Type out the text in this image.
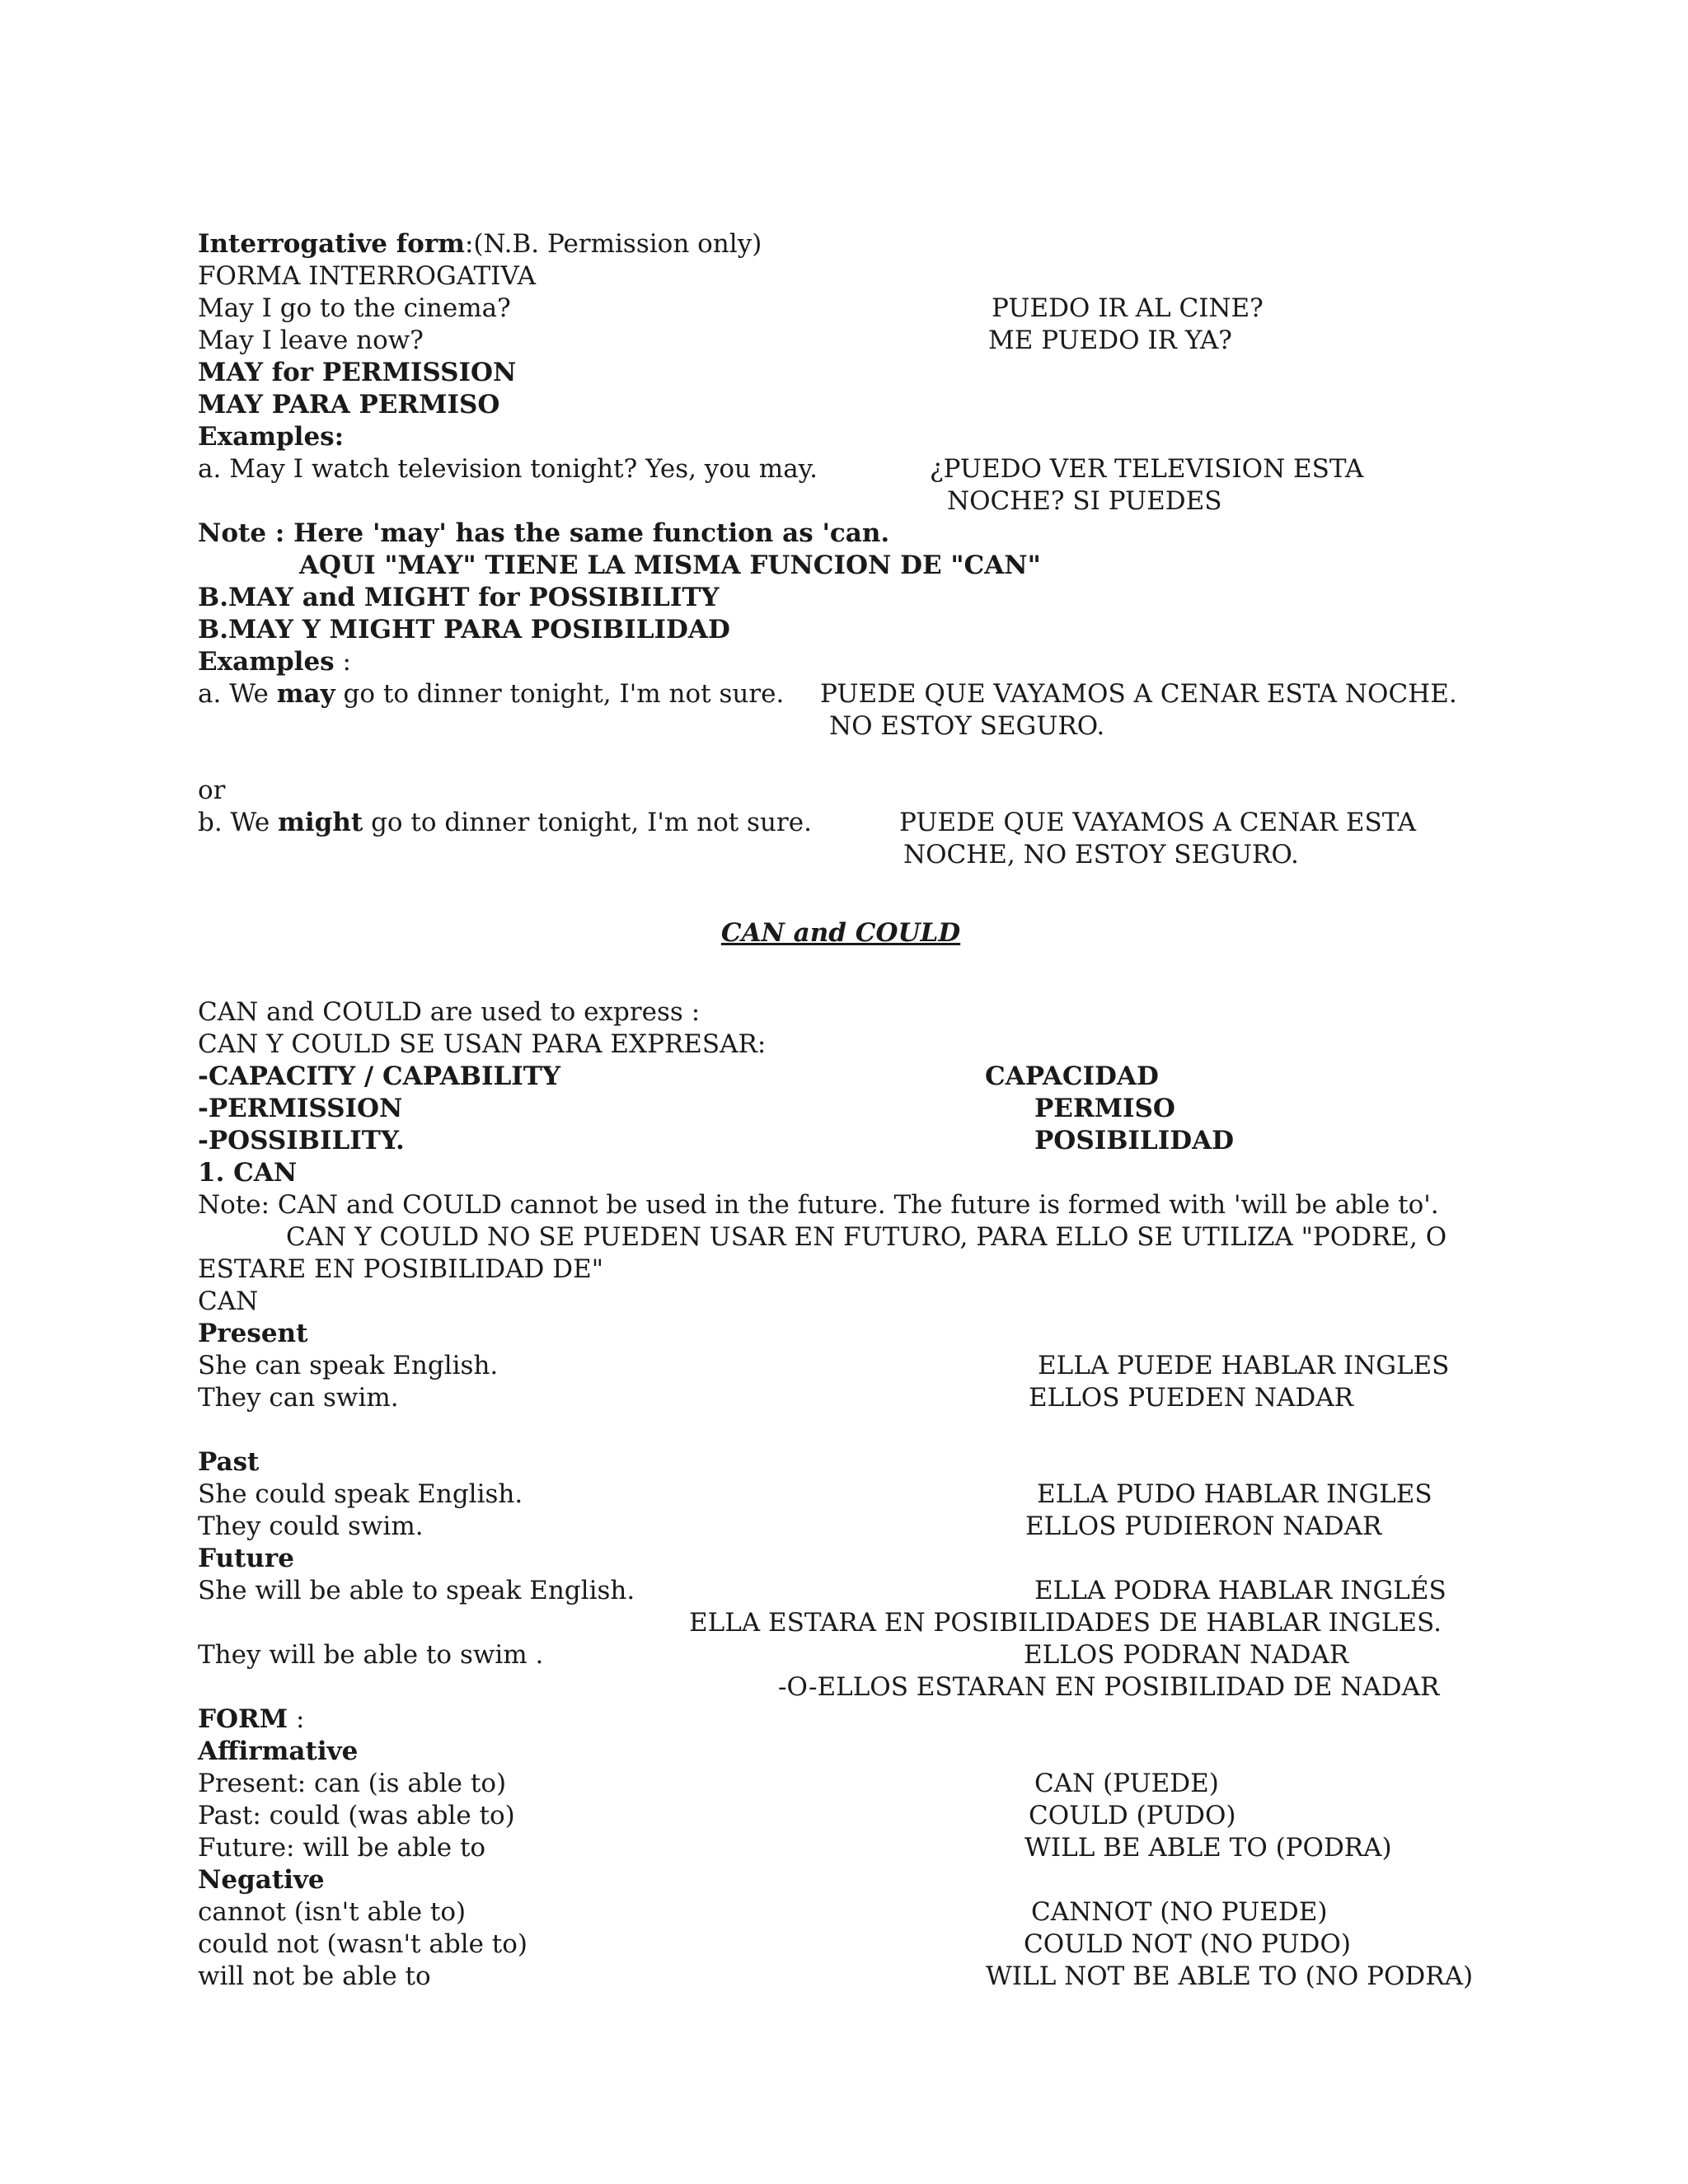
Interrogative form:(N.B. Permission only)
FORMA INTERROGATIVA
May I go to the cinema?	PUEDO IR AL CINE?
May I leave now?	ME PUEDO IR YA?
MAY for PERMISSION
MAY PARA PERMISO
Examples:
a. May I watch television tonight? Yes, you may.	¿PUEDO VER TELEVISION ESTA
NOCHE? SI PUEDES
Note : Here 'may' has the same function as 'can.
AQUI "MAY" TIENE LA MISMA FUNCION DE "CAN"
B.MAY and MIGHT for POSSIBILITY
B.MAY Y MIGHT PARA POSIBILIDAD
Examples :
a. We may go to dinner tonight, I'm not sure. PUEDE QUE VAYAMOS A CENAR ESTA NOCHE.
NO ESTOY SEGURO.
or
b. We might go to dinner tonight, I'm not sure.	PUEDE QUE VAYAMOS A CENAR ESTA
NOCHE, NO ESTOY SEGURO.
CAN and COULD
CAN and COULD are used to express :
CAN Y COULD SE USAN PARA EXPRESAR:
-CAPACITY / CAPABILITY	CAPACIDAD
-PERMISSION	PERMISO
-POSSIBILITY.	POSIBILIDAD
1. CAN
Note: CAN and COULD cannot be used in the future. The future is formed with 'will be able to'.
CAN Y COULD NO SE PUEDEN USAR EN FUTURO, PARA ELLO SE UTILIZA "PODRE, O
ESTARE EN POSIBILIDAD DE"
CAN
Present
She can speak English.	ELLA PUEDE HABLAR INGLES
They can swim.	ELLOS PUEDEN NADAR
Past
She could speak English.	ELLA PUDO HABLAR INGLES
They could swim.	ELLOS PUDIERON NADAR
Future
She will be able to speak English.	ELLA PODRA HABLAR INGLÉS
ELLA ESTARA EN POSIBILIDADES DE HABLAR INGLES.
They will be able to swim .	ELLOS PODRAN NADAR
-O-ELLOS ESTARAN EN POSIBILIDAD DE NADAR
FORM :
Affirmative
Present: can (is able to)	CAN (PUEDE)
Past: could (was able to)	COULD (PUDO)
Future: will be able to	WILL BE ABLE TO (PODRA)
Negative
cannot (isn't able to)	CANNOT (NO PUEDE)
could not (wasn't able to)	COULD NOT (NO PUDO)
will not be able to	WILL NOT BE ABLE TO (NO PODRA)
